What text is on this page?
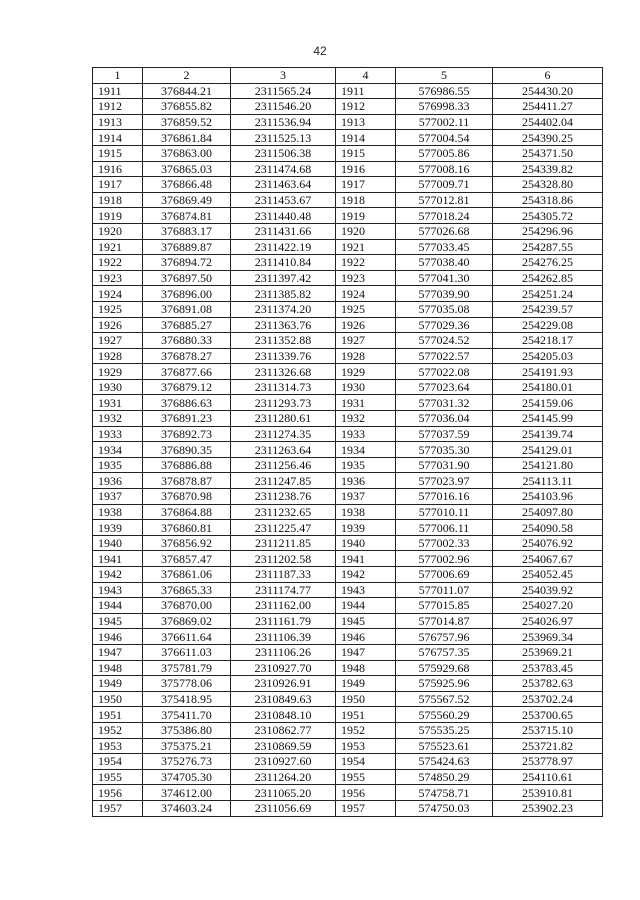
42
1	2	3	4	5	6
1911	376844.21	2311565.24	1911	576986.55	254430.20
1912	376855.82	2311546.20	1912	576998.33	254411.27
1913	376859.52	2311536.94	1913	577002.11	254402.04
1914	376861.84	2311525.13	1914	577004.54	254390.25
1915	376863.00	2311506.38	1915	577005.86	254371.50
1916	376865.03	2311474.68	1916	577008.16	254339.82
1917	376866.48	2311463.64	1917	577009.71	254328.80
1918	376869.49	2311453.67	1918	577012.81	254318.86
1919	376874.81	2311440.48	1919	577018.24	254305.72
1920	376883.17	2311431.66	1920	577026.68	254296.96
1921	376889.87	2311422.19	1921	577033.45	254287.55
1922	376894.72	2311410.84	1922	577038.40	254276.25
1923	376897.50	2311397.42	1923	577041.30	254262.85
1924	376896.00	2311385.82	1924	577039.90	254251.24
1925	376891.08	2311374.20	1925	577035.08	254239.57
1926	376885.27	2311363.76	1926	577029.36	254229.08
1927	376880.33	2311352.88	1927	577024.52	254218.17
1928	376878.27	2311339.76	1928	577022.57	254205.03
1929	376877.66	2311326.68	1929	577022.08	254191.93
1930	376879.12	2311314.73	1930	577023.64	254180.01
1931	376886.63	2311293.73	1931	577031.32	254159.06
1932	376891.23	2311280.61	1932	577036.04	254145.99
1933	376892.73	2311274.35	1933	577037.59	254139.74
1934	376890.35	2311263.64	1934	577035.30	254129.01
1935	376886.88	2311256.46	1935	577031.90	254121.80
1936	376878.87	2311247.85	1936	577023.97	254113.11
1937	376870.98	2311238.76	1937	577016.16	254103.96
1938	376864.88	2311232.65	1938	577010.11	254097.80
1939	376860.81	2311225.47	1939	577006.11	254090.58
1940	376856.92	2311211.85	1940	577002.33	254076.92
1941	376857.47	2311202.58	1941	577002.96	254067.67
1942	376861.06	2311187.33	1942	577006.69	254052.45
1943	376865.33	2311174.77	1943	577011.07	254039.92
1944	376870.00	2311162.00	1944	577015.85	254027.20
1945	376869.02	2311161.79	1945	577014.87	254026.97
1946	376611.64	2311106.39	1946	576757.96	253969.34
1947	376611.03	2311106.26	1947	576757.35	253969.21
1948	375781.79	2310927.70	1948	575929.68	253783.45
1949	375778.06	2310926.91	1949	575925.96	253782.63
1950	375418.95	2310849.63	1950	575567.52	253702.24
1951	375411.70	2310848.10	1951	575560.29	253700.65
1952	375386.80	2310862.77	1952	575535.25	253715.10
1953	375375.21	2310869.59	1953	575523.61	253721.82
1954	375276.73	2310927.60	1954	575424.63	253778.97
1955	374705.30	2311264.20	1955	574850.29	254110.61
1956	374612.00	2311065.20	1956	574758.71	253910.81
1957	374603.24	2311056.69	1957	574750.03	253902.23
